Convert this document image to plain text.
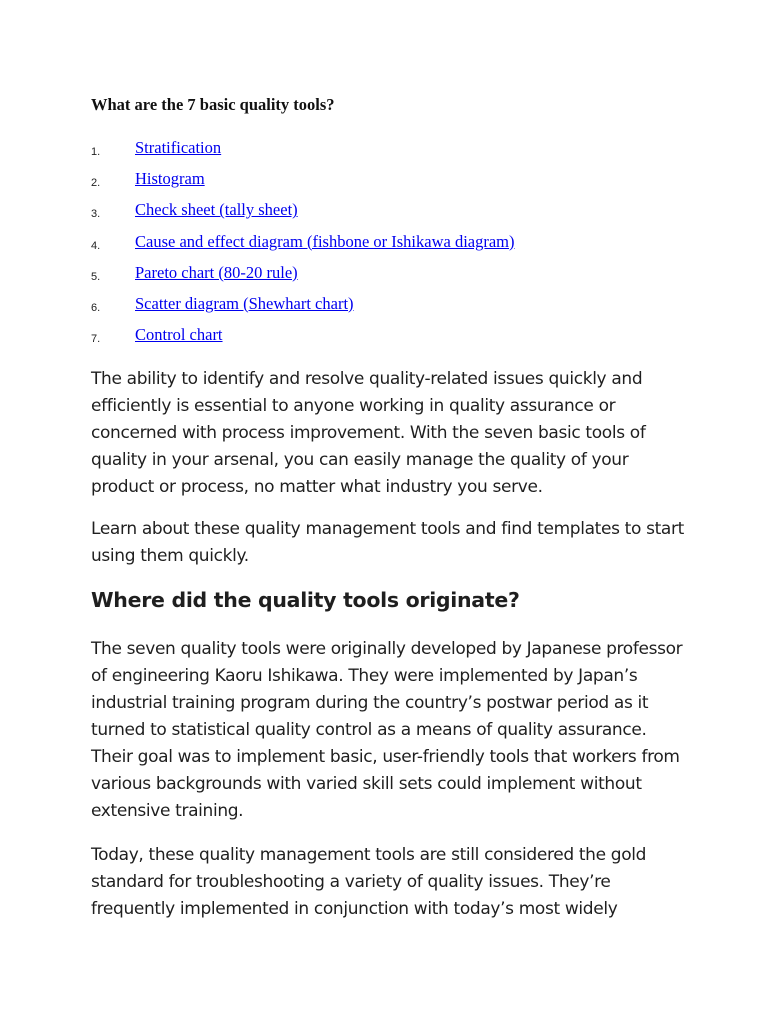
What are the 7 basic quality tools?
1. Stratification
2. Histogram
3. Check sheet (tally sheet)
4. Cause and effect diagram (fishbone or Ishikawa diagram)
5. Pareto chart (80-20 rule)
6. Scatter diagram (Shewhart chart)
7. Control chart

The ability to identify and resolve quality-related issues quickly and efficiently is essential to anyone working in quality assurance or concerned with process improvement. With the seven basic tools of quality in your arsenal, you can easily manage the quality of your product or process, no matter what industry you serve.

Learn about these quality management tools and find templates to start using them quickly.

Where did the quality tools originate?

The seven quality tools were originally developed by Japanese professor of engineering Kaoru Ishikawa. They were implemented by Japan’s industrial training program during the country’s postwar period as it turned to statistical quality control as a means of quality assurance. Their goal was to implement basic, user-friendly tools that workers from various backgrounds with varied skill sets could implement without extensive training.

Today, these quality management tools are still considered the gold standard for troubleshooting a variety of quality issues. They’re frequently implemented in conjunction with today’s most widely
